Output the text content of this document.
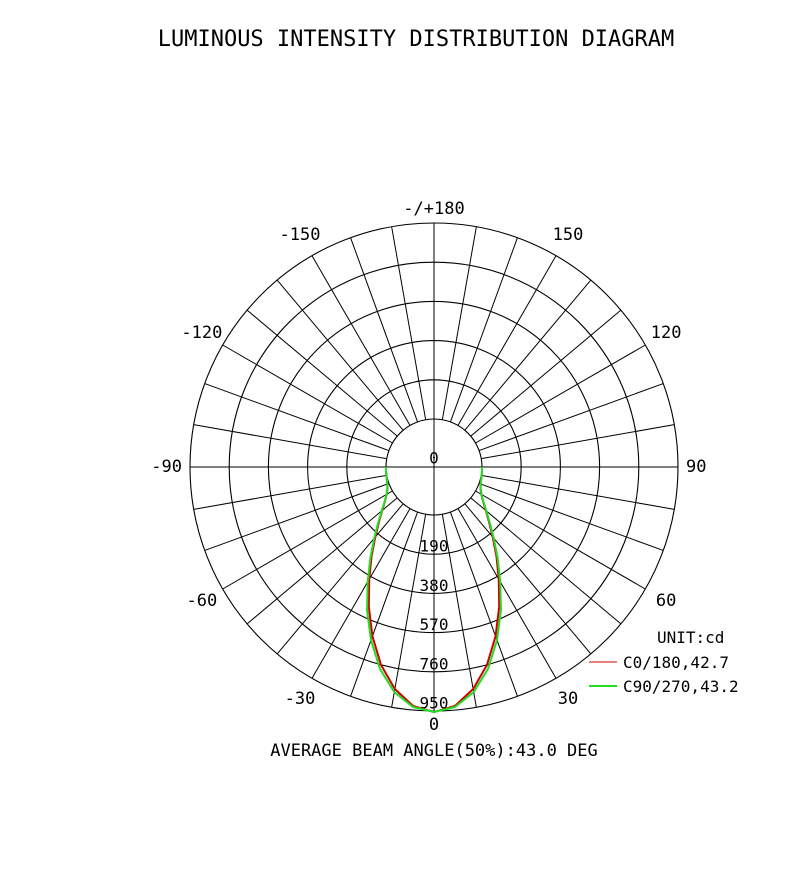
LUMINOUS INTENSITY DISTRIBUTION DIAGRAM
-/+180
150
120
90
60
30
0
-30
-60
-90
-120
-150
0
190
380
570
760
950
UNIT:cd
C0/180,42.7
C90/270,43.2
AVERAGE BEAM ANGLE(50%):43.0 DEG
